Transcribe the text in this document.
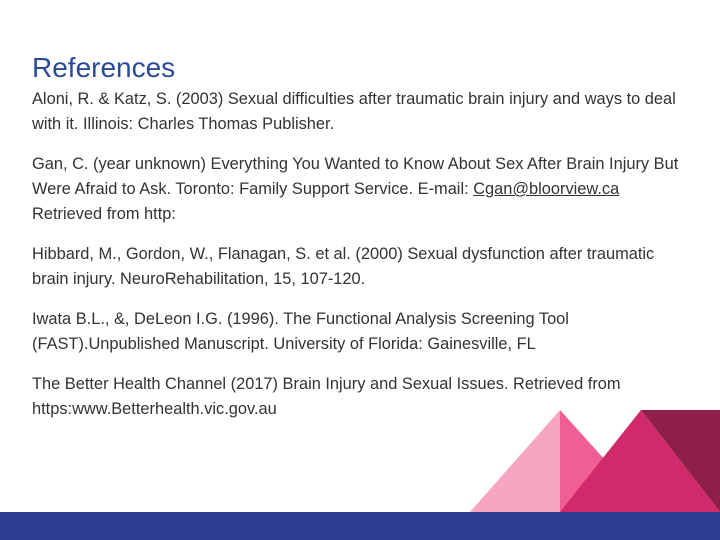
References

Aloni, R. & Katz, S. (2003) Sexual difficulties after traumatic brain injury and ways to deal with it. Illinois: Charles Thomas Publisher.

Gan, C. (year unknown) Everything You Wanted to Know About Sex After Brain Injury But Were Afraid to Ask. Toronto: Family Support Service. E-mail: Cgan@bloorview.ca Retrieved from http:

Hibbard, M., Gordon, W., Flanagan, S. et al. (2000) Sexual dysfunction after traumatic brain injury. NeuroRehabilitation, 15, 107-120.

Iwata B.L., &, DeLeon I.G. (1996). The Functional Analysis Screening Tool (FAST).Unpublished Manuscript. University of Florida: Gainesville, FL

The Better Health Channel (2017) Brain Injury and Sexual Issues. Retrieved from https:www.Betterhealth.vic.gov.au
